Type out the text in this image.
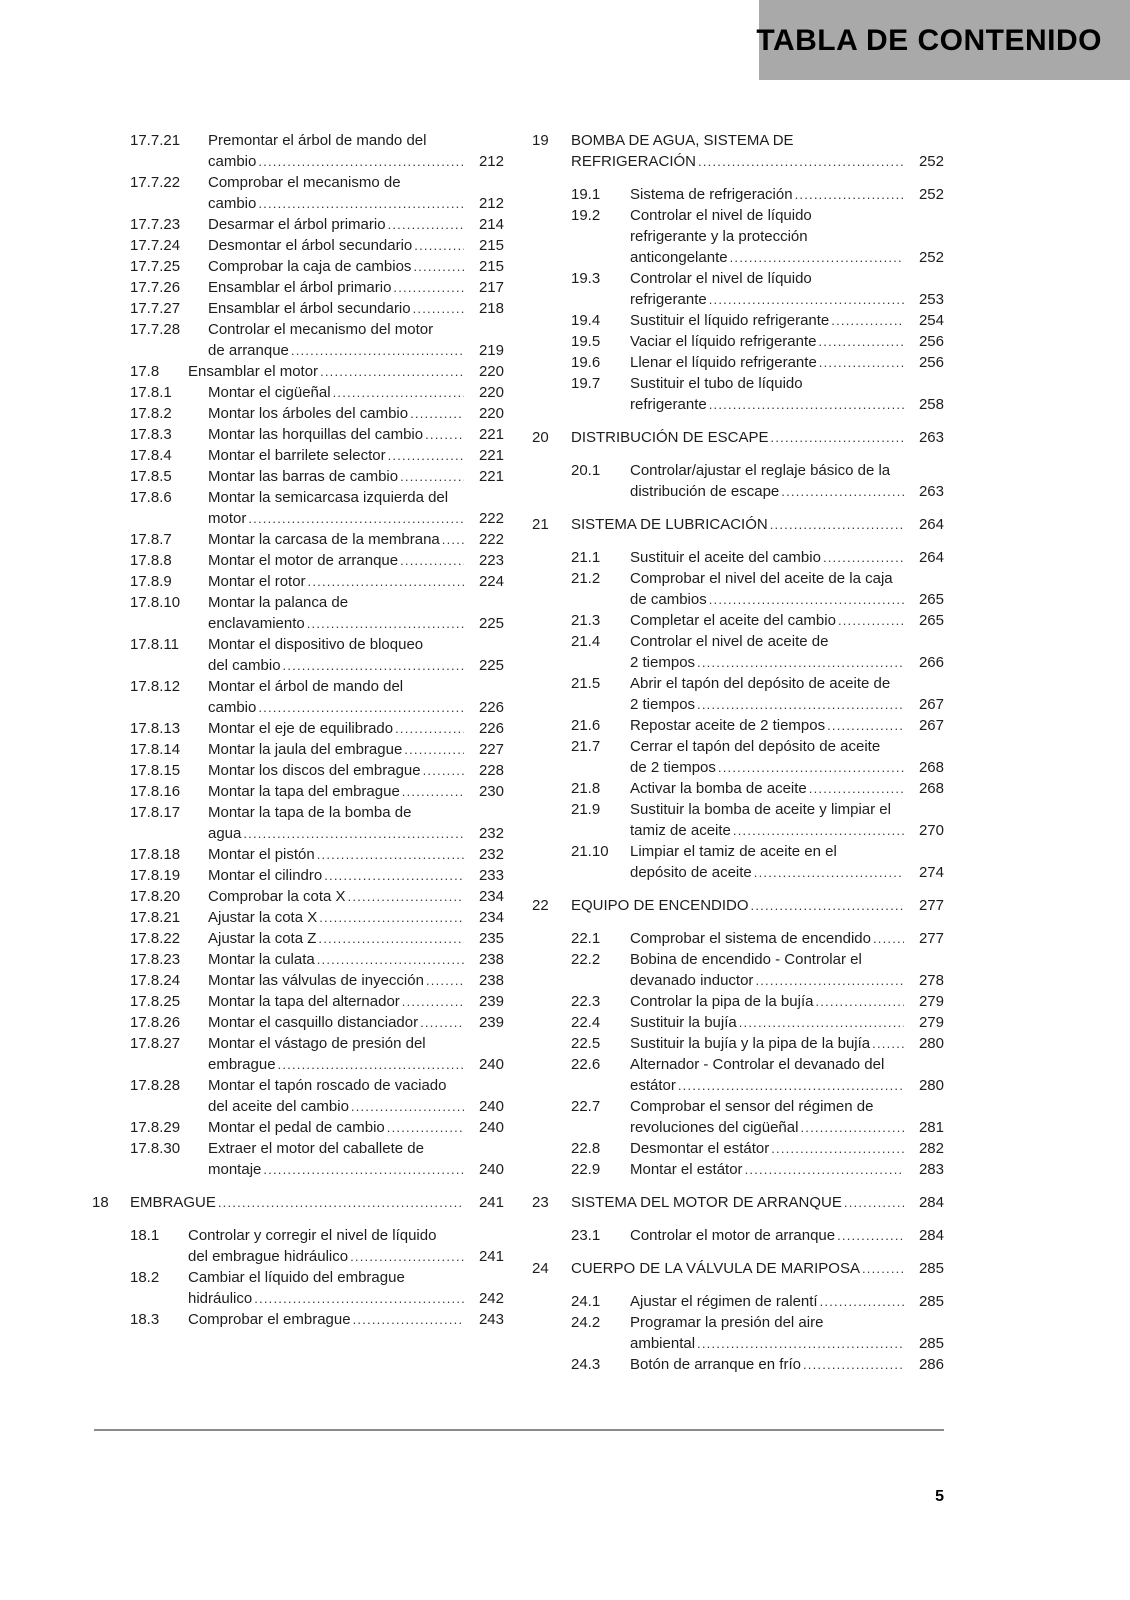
TABLA DE CONTENIDO
17.7.21 Premontar el árbol de mando del
cambio .....	212
17.7.22 Comprobar el mecanismo de
cambio .....	212
17.7.23 Desarmar el árbol primario .....	214
17.7.24 Desmontar el árbol secundario .....	215
17.7.25 Comprobar la caja de cambios .....	215
17.7.26 Ensamblar el árbol primario .....	217
17.7.27 Ensamblar el árbol secundario .....	218
17.7.28 Controlar el mecanismo del motor
de arranque .....	219
17.8 Ensamblar el motor .....	220
17.8.1 Montar el cigüeñal .....	220
17.8.2 Montar los árboles del cambio .....	220
17.8.3 Montar las horquillas del cambio .....	221
17.8.4 Montar el barrilete selector .....	221
17.8.5 Montar las barras de cambio .....	221
17.8.6 Montar la semicarcasa izquierda del
motor .....	222
17.8.7 Montar la carcasa de la membrana .....	222
17.8.8 Montar el motor de arranque .....	223
17.8.9 Montar el rotor .....	224
17.8.10 Montar la palanca de
enclavamiento .....	225
17.8.11 Montar el dispositivo de bloqueo
del cambio .....	225
17.8.12 Montar el árbol de mando del
cambio .....	226
17.8.13 Montar el eje de equilibrado .....	226
17.8.14 Montar la jaula del embrague .....	227
17.8.15 Montar los discos del embrague .....	228
17.8.16 Montar la tapa del embrague .....	230
17.8.17 Montar la tapa de la bomba de
agua .....	232
17.8.18 Montar el pistón .....	232
17.8.19 Montar el cilindro .....	233
17.8.20 Comprobar la cota X .....	234
17.8.21 Ajustar la cota X .....	234
17.8.22 Ajustar la cota Z .....	235
17.8.23 Montar la culata .....	238
17.8.24 Montar las válvulas de inyección .....	238
17.8.25 Montar la tapa del alternador .....	239
17.8.26 Montar el casquillo distanciador .....	239
17.8.27 Montar el vástago de presión del
embrague .....	240
17.8.28 Montar el tapón roscado de vaciado
del aceite del cambio .....	240
17.8.29 Montar el pedal de cambio .....	240
17.8.30 Extraer el motor del caballete de
montaje .....	240
18 EMBRAGUE .....	241
18.1 Controlar y corregir el nivel de líquido
del embrague hidráulico .....	241
18.2 Cambiar el líquido del embrague
hidráulico .....	242
18.3 Comprobar el embrague .....	243
19 BOMBA DE AGUA, SISTEMA DE
REFRIGERACIÓN .....	252
19.1 Sistema de refrigeración .....	252
19.2 Controlar el nivel de líquido
refrigerante y la protección
anticongelante .....	252
19.3 Controlar el nivel de líquido
refrigerante .....	253
19.4 Sustituir el líquido refrigerante .....	254
19.5 Vaciar el líquido refrigerante .....	256
19.6 Llenar el líquido refrigerante .....	256
19.7 Sustituir el tubo de líquido
refrigerante .....	258
20 DISTRIBUCIÓN DE ESCAPE .....	263
20.1 Controlar/ajustar el reglaje básico de la
distribución de escape .....	263
21 SISTEMA DE LUBRICACIÓN .....	264
21.1 Sustituir el aceite del cambio .....	264
21.2 Comprobar el nivel del aceite de la caja
de cambios .....	265
21.3 Completar el aceite del cambio .....	265
21.4 Controlar el nivel de aceite de
2 tiempos .....	266
21.5 Abrir el tapón del depósito de aceite de
2 tiempos .....	267
21.6 Repostar aceite de 2 tiempos .....	267
21.7 Cerrar el tapón del depósito de aceite
de 2 tiempos .....	268
21.8 Activar la bomba de aceite .....	268
21.9 Sustituir la bomba de aceite y limpiar el
tamiz de aceite .....	270
21.10 Limpiar el tamiz de aceite en el
depósito de aceite .....	274
22 EQUIPO DE ENCENDIDO .....	277
22.1 Comprobar el sistema de encendido .....	277
22.2 Bobina de encendido - Controlar el
devanado inductor .....	278
22.3 Controlar la pipa de la bujía .....	279
22.4 Sustituir la bujía .....	279
22.5 Sustituir la bujía y la pipa de la bujía .....	280
22.6 Alternador - Controlar el devanado del
estátor .....	280
22.7 Comprobar el sensor del régimen de
revoluciones del cigüeñal .....	281
22.8 Desmontar el estátor .....	282
22.9 Montar el estátor .....	283
23 SISTEMA DEL MOTOR DE ARRANQUE .....	284
23.1 Controlar el motor de arranque .....	284
24 CUERPO DE LA VÁLVULA DE MARIPOSA .....	285
24.1 Ajustar el régimen de ralentí .....	285
24.2 Programar la presión del aire
ambiental .....	285
24.3 Botón de arranque en frío .....	286
5
